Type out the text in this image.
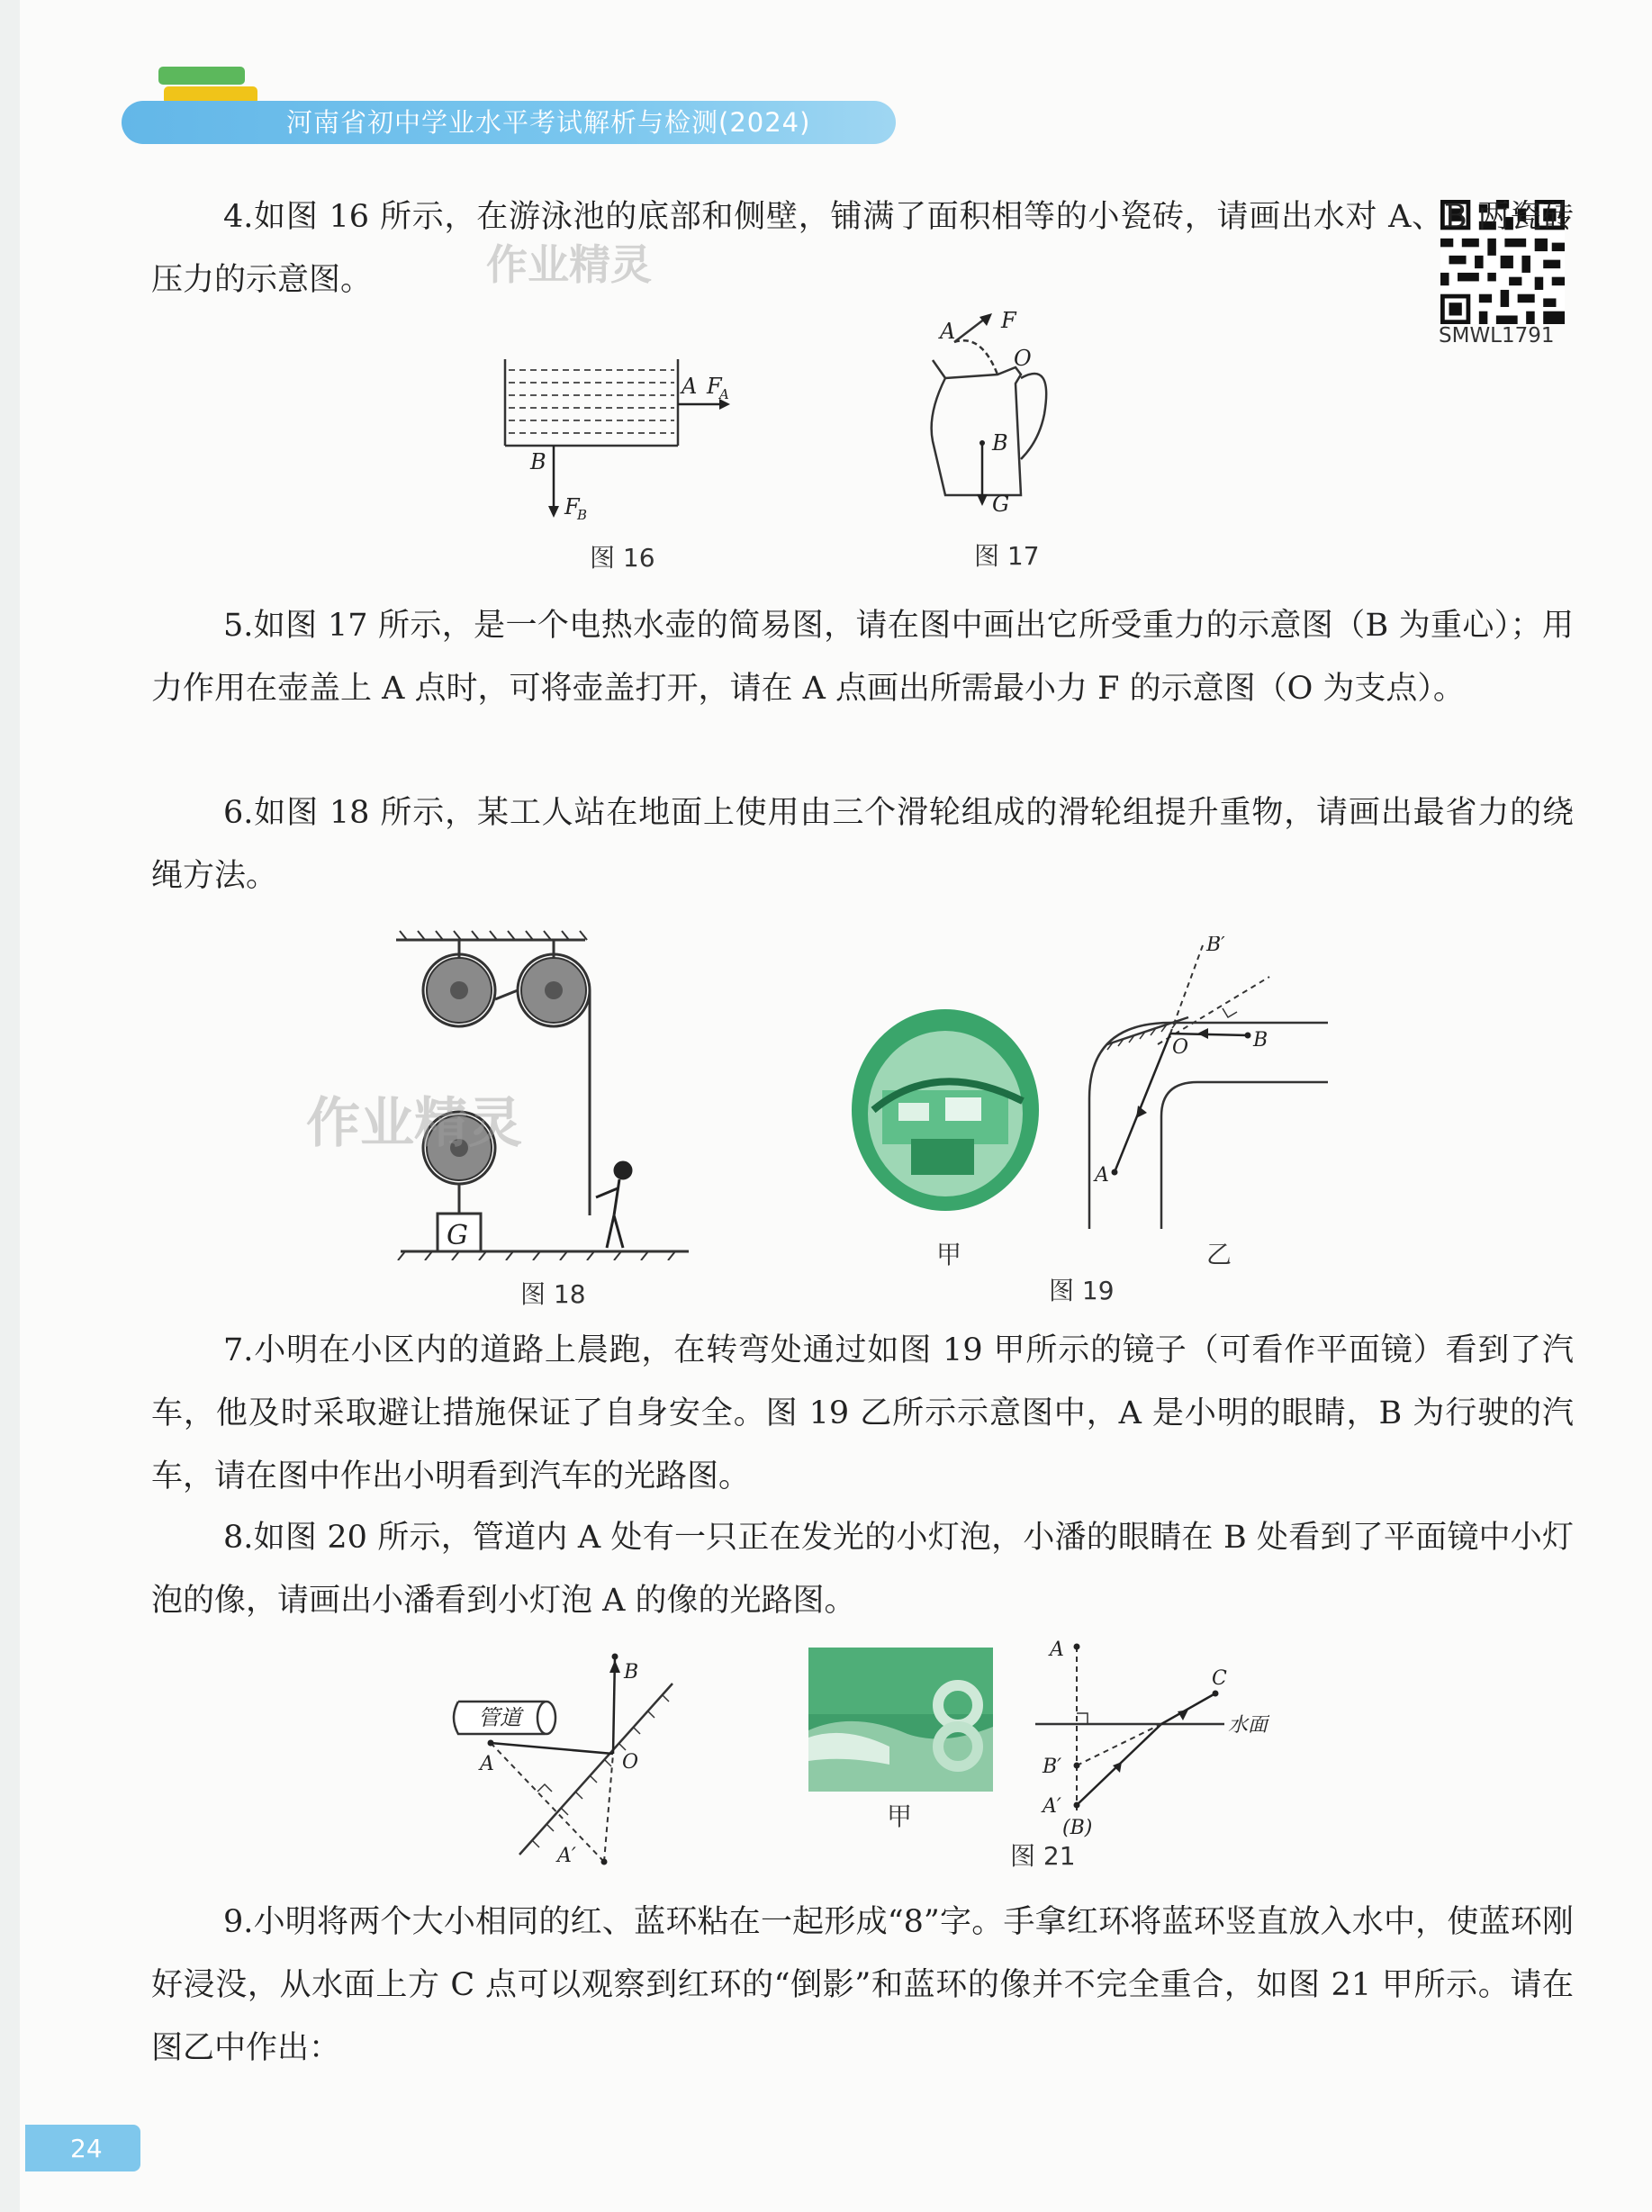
河南省初中学业水平考试解析与检测(2024)
SMWL1791

4.如图 16 所示，在游泳池的底部和侧壁，铺满了面积相等的小瓷砖，请画出水对 A、B 两瓷砖压力的示意图。	作业精灵
A F
A
B
F
B
图 16
A F
O
B
G
图 17

5.如图 17 所示，是一个电热水壶的简易图，请在图中画出它所受重力的示意图（B 为重心）；用力作用在壶盖上 A 点时，可将壶盖打开，请在 A 点画出所需最小力 F 的示意图（O 为支点）。

6.如图 18 所示，某工人站在地面上使用由三个滑轮组成的滑轮组提升重物，请画出最省力的绕绳方法。

G
作业精灵
图 18
甲
B′
O	B
A
乙
图 19

7.小明在小区内的道路上晨跑，在转弯处通过如图 19 甲所示的镜子（可看作平面镜）看到了汽车，他及时采取避让措施保证了自身安全。图 19 乙所示示意图中，A 是小明的眼睛，B 为行驶的汽车，请在图中作出小明看到汽车的光路图。

8.如图 20 所示，管道内 A 处有一只正在发光的小灯泡，小潘的眼睛在 B 处看到了平面镜中小灯泡的像，请画出小潘看到小灯泡 A 的像的光路图。

管道
B
O
A
A′
甲
A
C
水面
B′
A′
(B)
图 21

9.小明将两个大小相同的红、蓝环粘在一起形成“8”字。手拿红环将蓝环竖直放入水中，使蓝环刚好浸没，从水面上方 C 点可以观察到红环的“倒影”和蓝环的像并不完全重合，如图 21 甲所示。请在图乙中作出：

24
